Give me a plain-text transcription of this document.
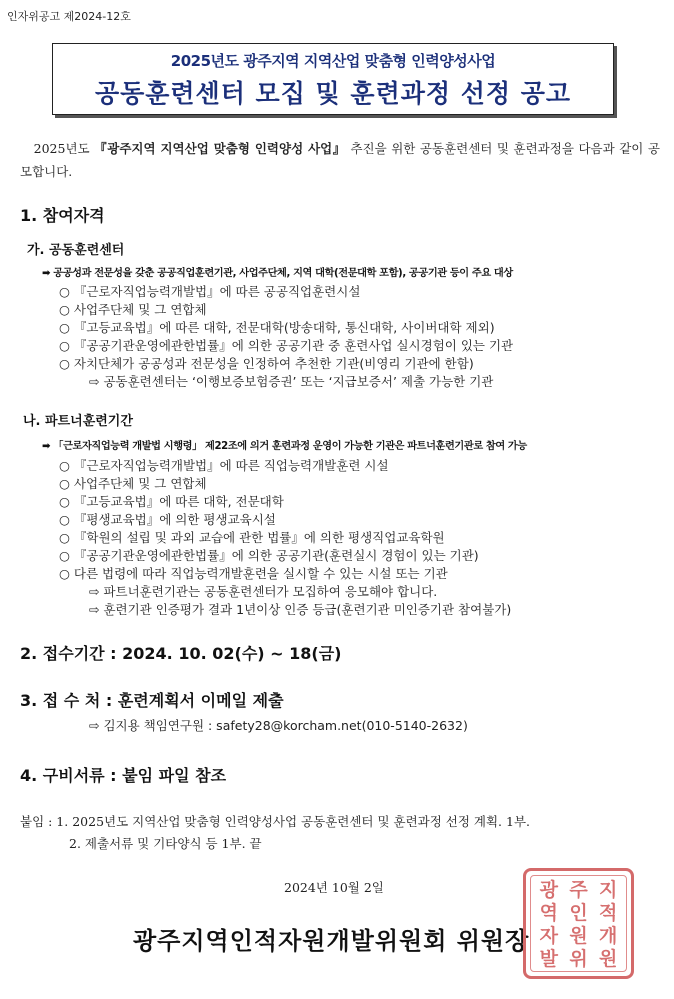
인자위공고 제2024-12호
2025년도 광주지역 지역산업 맞춤형 인력양성사업
공동훈련센터 모집 및 훈련과정 선정 공고
2025년도 『광주지역 지역산업 맞춤형 인력양성 사업』 추진을 위한 공동훈련센터 및 훈련과정을 다음과 같이 공모합니다.
1. 참여자격
가. 공동훈련센터
➡ 공공성과 전문성을 갖춘 공공직업훈련기관, 사업주단체, 지역 대학(전문대학 포함), 공공기관 등이 주요 대상
○ 『근로자직업능력개발법』에 따른 공공직업훈련시설
○ 사업주단체 및 그 연합체
○ 『고등교육법』에 따른 대학, 전문대학(방송대학, 통신대학, 사이버대학 제외)
○ 『공공기관운영에관한법률』에 의한 공공기관 중 훈련사업 실시경험이 있는 기관
○ 자치단체가 공공성과 전문성을 인정하여 추천한 기관(비영리 기관에 한함)
⇨ 공동훈련센터는 ‘이행보증보험증권’ 또는 ‘지급보증서’ 제출 가능한 기관
나. 파트너훈련기간
➡ 「근로자직업능력 개발법 시행령」 제22조에 의거 훈련과정 운영이 가능한 기관은 파트너훈련기관로 참여 가능
○ 『근로자직업능력개발법』에 따른 직업능력개발훈련 시설
○ 사업주단체 및 그 연합체
○ 『고등교육법』에 따른 대학, 전문대학
○ 『평생교육법』에 의한 평생교육시설
○ 『학원의 설립 및 과외 교습에 관한 법률』에 의한 평생직업교육학원
○ 『공공기관운영에관한법률』에 의한 공공기관(훈련실시 경험이 있는 기관)
○ 다른 법령에 따라 직업능력개발훈련을 실시할 수 있는 시설 또는 기관
⇨ 파트너훈련기관는 공동훈련센터가 모집하여 응모해야 합니다.
⇨ 훈련기관 인증평가 결과 1년이상 인증 등급(훈련기관 미인증기관 참여불가)
2. 접수기간 : 2024. 10. 02(수) ~ 18(금)
3. 접 수 처 : 훈련계획서 이메일 제출
⇨ 김지용 책임연구원 : safety28@korcham.net(010-5140-2632)
4. 구비서류 : 붙임 파일 참조
붙임 : 1. 2025년도 지역산업 맞춤형 인력양성사업 공동훈련센터 및 훈련과정 선정 계획. 1부.
2. 제출서류 및 기타양식 등 1부. 끝
2024년 10월 2일
광주지역인적자원개발위원회 위원장
광 주 지
역 인 적
자 원 개
발 위 원
